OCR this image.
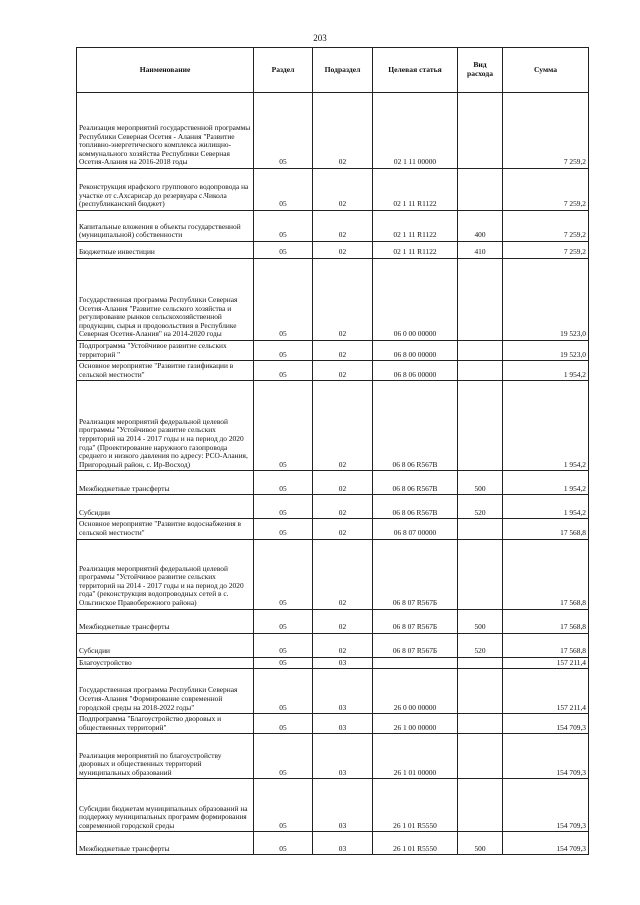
203
Наименование	Раздел	Подраздел	Целевая статья	Вид расхода	Сумма
Реализация мероприятий государственной программы Республики Северная Осетия - Алания "Развитие топливно-энергетического комплекса жилищно-коммунального хозяйства Республики Северная Осетия-Алания на 2016-2018 годы	05	02	02 1 11 00000		7 259,2
Реконструкция ирафского группового водопровода на участке от с.Ахсарисар до резервуара с.Чикола (республиканский бюджет)	05	02	02 1 11 R1122		7 259,2
Капитальные вложения в объекты государственной (муниципальной) собственности	05	02	02 1 11 R1122	400	7 259,2
Бюджетные инвестиции	05	02	02 1 11 R1122	410	7 259,2
Государственная программа Республики Северная Осетия-Алания "Развитие сельского хозяйства и регулирование рынков сельскохозяйственной продукции, сырья и продовольствия в Республике Северная Осетия-Алания" на 2014-2020 годы	05	02	06 0 00 00000		19 523,0
Подпрограмма "Устойчивое развитие сельских территорий "	05	02	06 8 00 00000		19 523,0
Основное мероприятие "Развитие газификации в сельской местности"	05	02	06 8 06 00000		1 954,2
Реализация мероприятий федеральной целевой программы "Устойчивое развитие сельских территорий на 2014 - 2017 годы и на период до 2020 года" (Проектирование наружного газопровода среднего и низкого давления по адресу: РСО-Алания, Пригородный район, с. Ир-Восход)	05	02	06 8 06 R567В		1 954,2
Межбюджетные трансферты	05	02	06 8 06 R567В	500	1 954,2
Субсидии	05	02	06 8 06 R567В	520	1 954,2
Основное мероприятие "Развитие водоснабжения в сельской местности"	05	02	06 8 07 00000		17 568,8
Реализация мероприятий федеральной целевой программы "Устойчивое развитие сельских территорий на 2014 - 2017 годы и на период до 2020 года" (реконструкция водопроводных сетей в с. Ольгинское Правобережного района)	05	02	06 8 07 R567Б		17 568,8
Межбюджетные трансферты	05	02	06 8 07 R567Б	500	17 568,8
Субсидии	05	02	06 8 07 R567Б	520	17 568,8
Благоустройство	05	03			157 211,4
Государственная программа Республики Северная Осетия-Алания "Формирование современной городской среды на 2018-2022 годы"	05	03	26 0 00 00000		157 211,4
Подпрограмма "Благоустройство дворовых и общественных территорий"	05	03	26 1 00 00000		154 709,3
Реализация мероприятий по благоустройству дворовых и общественных территорий муниципальных образований	05	03	26 1 01 00000		154 709,3
Субсидии бюджетам муниципальных образований на поддержку муниципальных программ формирования современной городской среды	05	03	26 1 01 R5550		154 709,3
Межбюджетные трансферты	05	03	26 1 01 R5550	500	154 709,3
